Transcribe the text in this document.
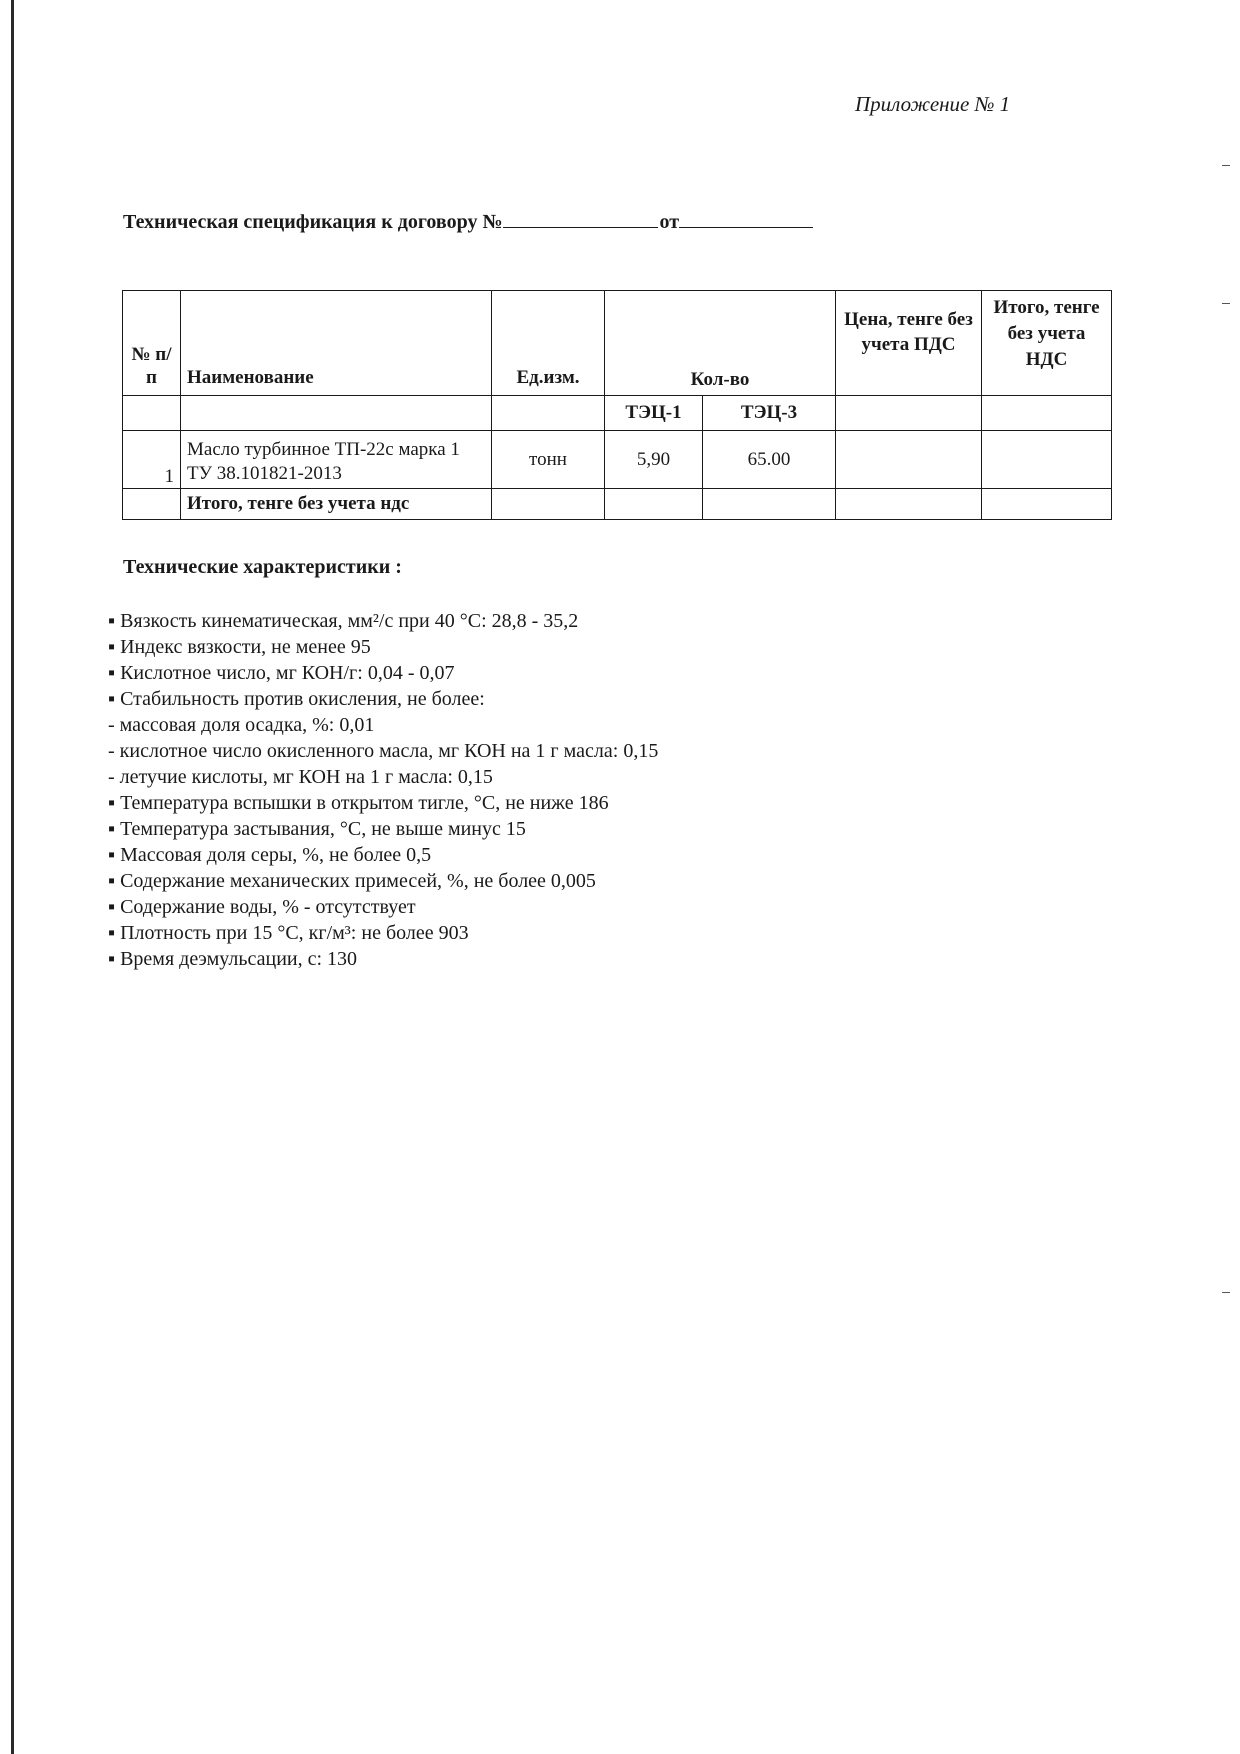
Приложение № 1
Техническая спецификация к договору №	от
№ п/п	Наименование	Ед.изм.	Кол-во		Цена, тенге без учета ПДС	Итого, тенге без учета НДС
			ТЭЦ-1	ТЭЦ-3		
1	Масло турбинное ТП-22с марка 1 ТУ 38.101821-2013	тонн	5,90	65.00		
	Итого, тенге без учета ндс					
Технические характеристики :
▪ Вязкость кинематическая, мм²/с при 40 °С: 28,8 - 35,2
▪ Индекс вязкости, не менее 95
▪ Кислотное число, мг КОН/г: 0,04 - 0,07
▪ Стабильность против окисления, не более:
- массовая доля осадка, %: 0,01
- кислотное число окисленного масла, мг КОН на 1 г масла: 0,15
- летучие кислоты, мг КОН на 1 г масла: 0,15
▪ Температура вспышки в открытом тигле, °С, не ниже 186
▪ Температура застывания, °С, не выше минус 15
▪ Массовая доля серы, %, не более 0,5
▪ Содержание механических примесей, %, не более 0,005
▪ Содержание воды, % - отсутствует
▪ Плотность при 15 °С, кг/м³: не более 903
▪ Время деэмульсации, с: 130
